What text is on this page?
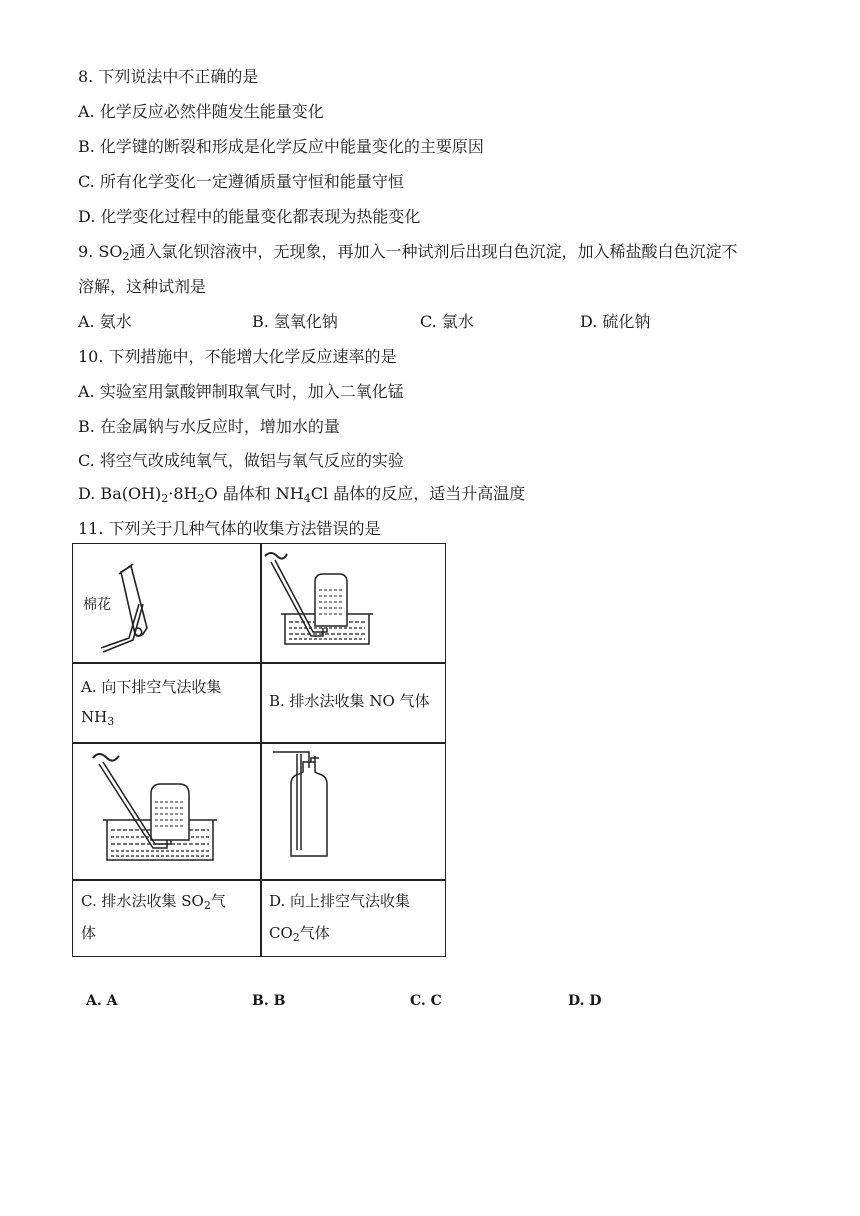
8. 下列说法中不正确的是
A. 化学反应必然伴随发生能量变化
B. 化学键的断裂和形成是化学反应中能量变化的主要原因
C. 所有化学变化一定遵循质量守恒和能量守恒
D. 化学变化过程中的能量变化都表现为热能变化
9. $SO_2$通入氯化钡溶液中，无现象，再加入一种试剂后出现白色沉淀，加入稀盐酸白色沉淀不
溶解，这种试剂是
A. 氨水	B. 氢氧化钠	C. 氯水	D. 硫化钠
10. 下列措施中，不能增大化学反应速率的是
A. 实验室用氯酸钾制取氧气时，加入二氧化锰
B. 在金属钠与水反应时，增加水的量
C. 将空气改成纯氧气，做铝与氧气反应的实验
D. $Ba(OH)_2\cdot 8H_2O$ 晶体和 $NH_4Cl$ 晶体的反应，适当升高温度
11. 下列关于几种气体的收集方法错误的是
棉花
A. 向下排空气法收集
$NH_3$
B. 排水法收集 NO 气体
C. 排水法收集 $SO_2$气
体
D. 向上排空气法收集
$CO_2$气体
A. A	B. B	C. C	D. D
